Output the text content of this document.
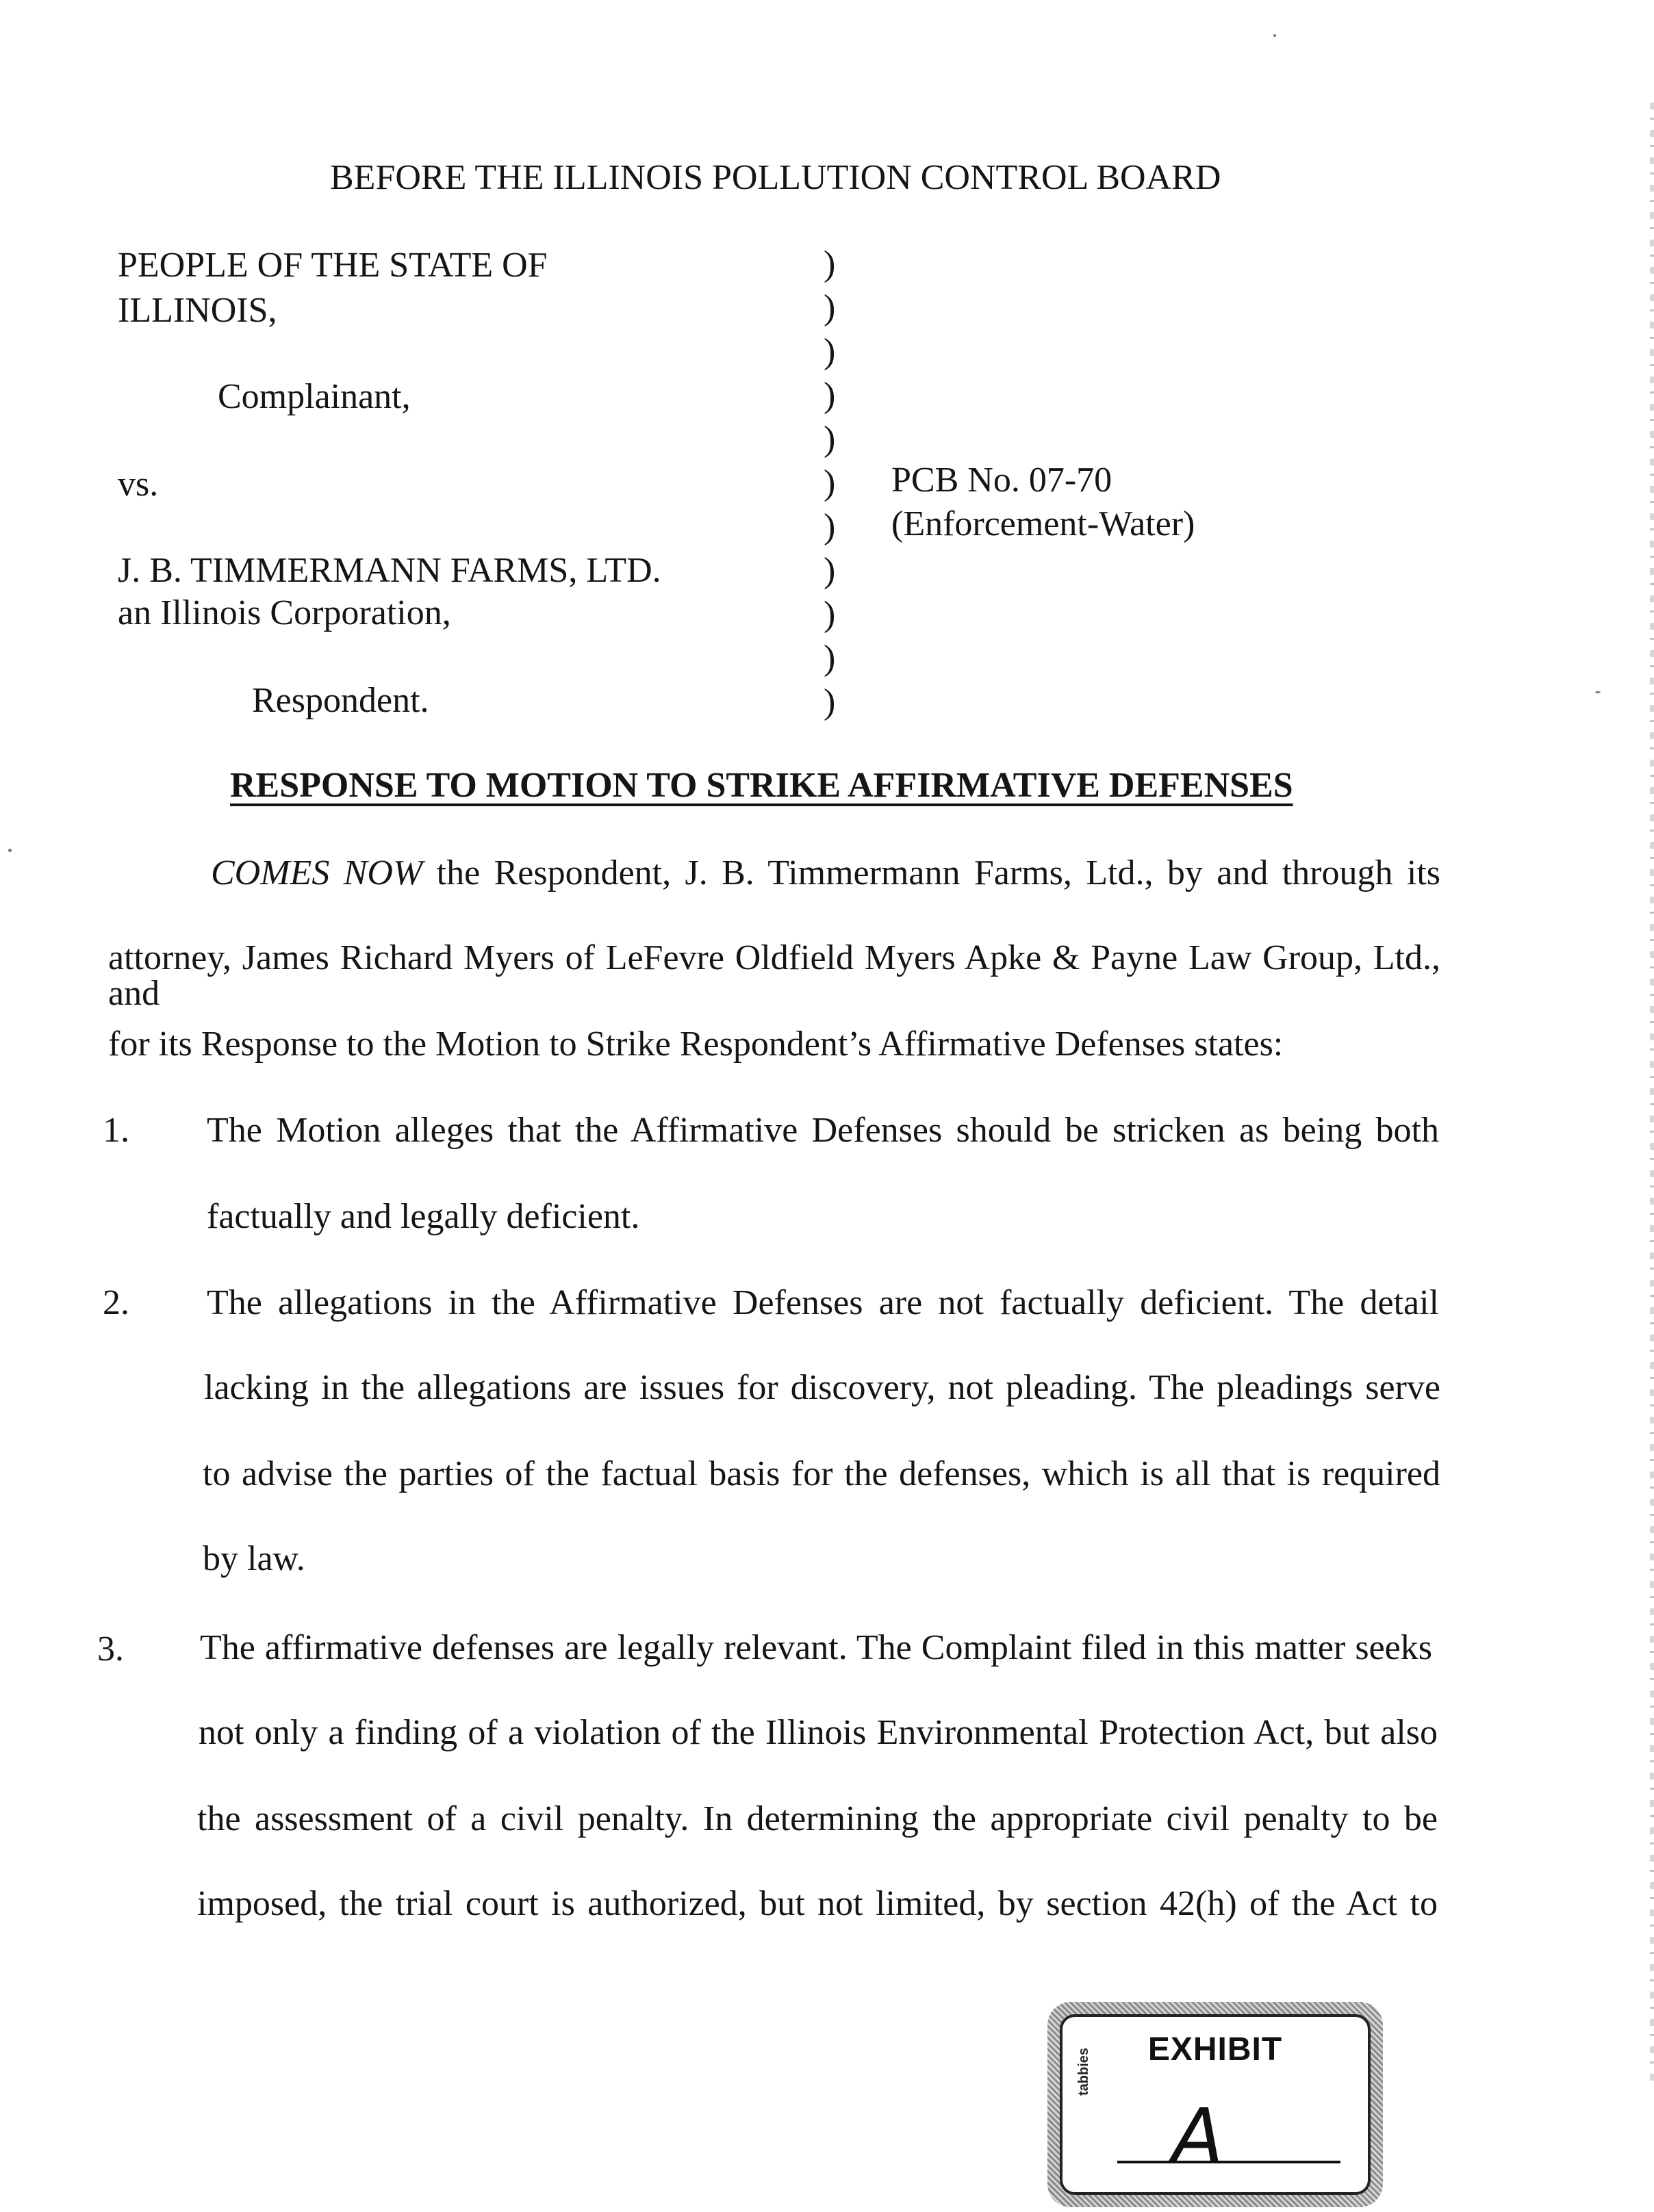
BEFORE THE ILLINOIS POLLUTION CONTROL BOARD
PEOPLE OF THE STATE OF
ILLINOIS,
Complainant,
vs.
J. B. TIMMERMANN FARMS, LTD.
an Illinois Corporation,
Respondent.
)
)
)
)
)
)
)
)
)
)
)
PCB No. 07-70
(Enforcement-Water)
RESPONSE TO MOTION TO STRIKE AFFIRMATIVE DEFENSES
COMES NOW the Respondent, J. B. Timmermann Farms, Ltd., by and through its
attorney, James Richard Myers of LeFevre Oldfield Myers Apke & Payne Law Group, Ltd., and
for its Response to the Motion to Strike Respondent’s Affirmative Defenses states:
1. The Motion alleges that the Affirmative Defenses should be stricken as being both
factually and legally deficient.
2. The allegations in the Affirmative Defenses are not factually deficient. The detail
lacking in the allegations are issues for discovery, not pleading. The pleadings serve
to advise the parties of the factual basis for the defenses, which is all that is required
by law.
3. The affirmative defenses are legally relevant. The Complaint filed in this matter seeks
not only a finding of a violation of the Illinois Environmental Protection Act, but also
the assessment of a civil penalty. In determining the appropriate civil penalty to be
imposed, the trial court is authorized, but not limited, by section 42(h) of the Act to
EXHIBIT
tabbies
A
